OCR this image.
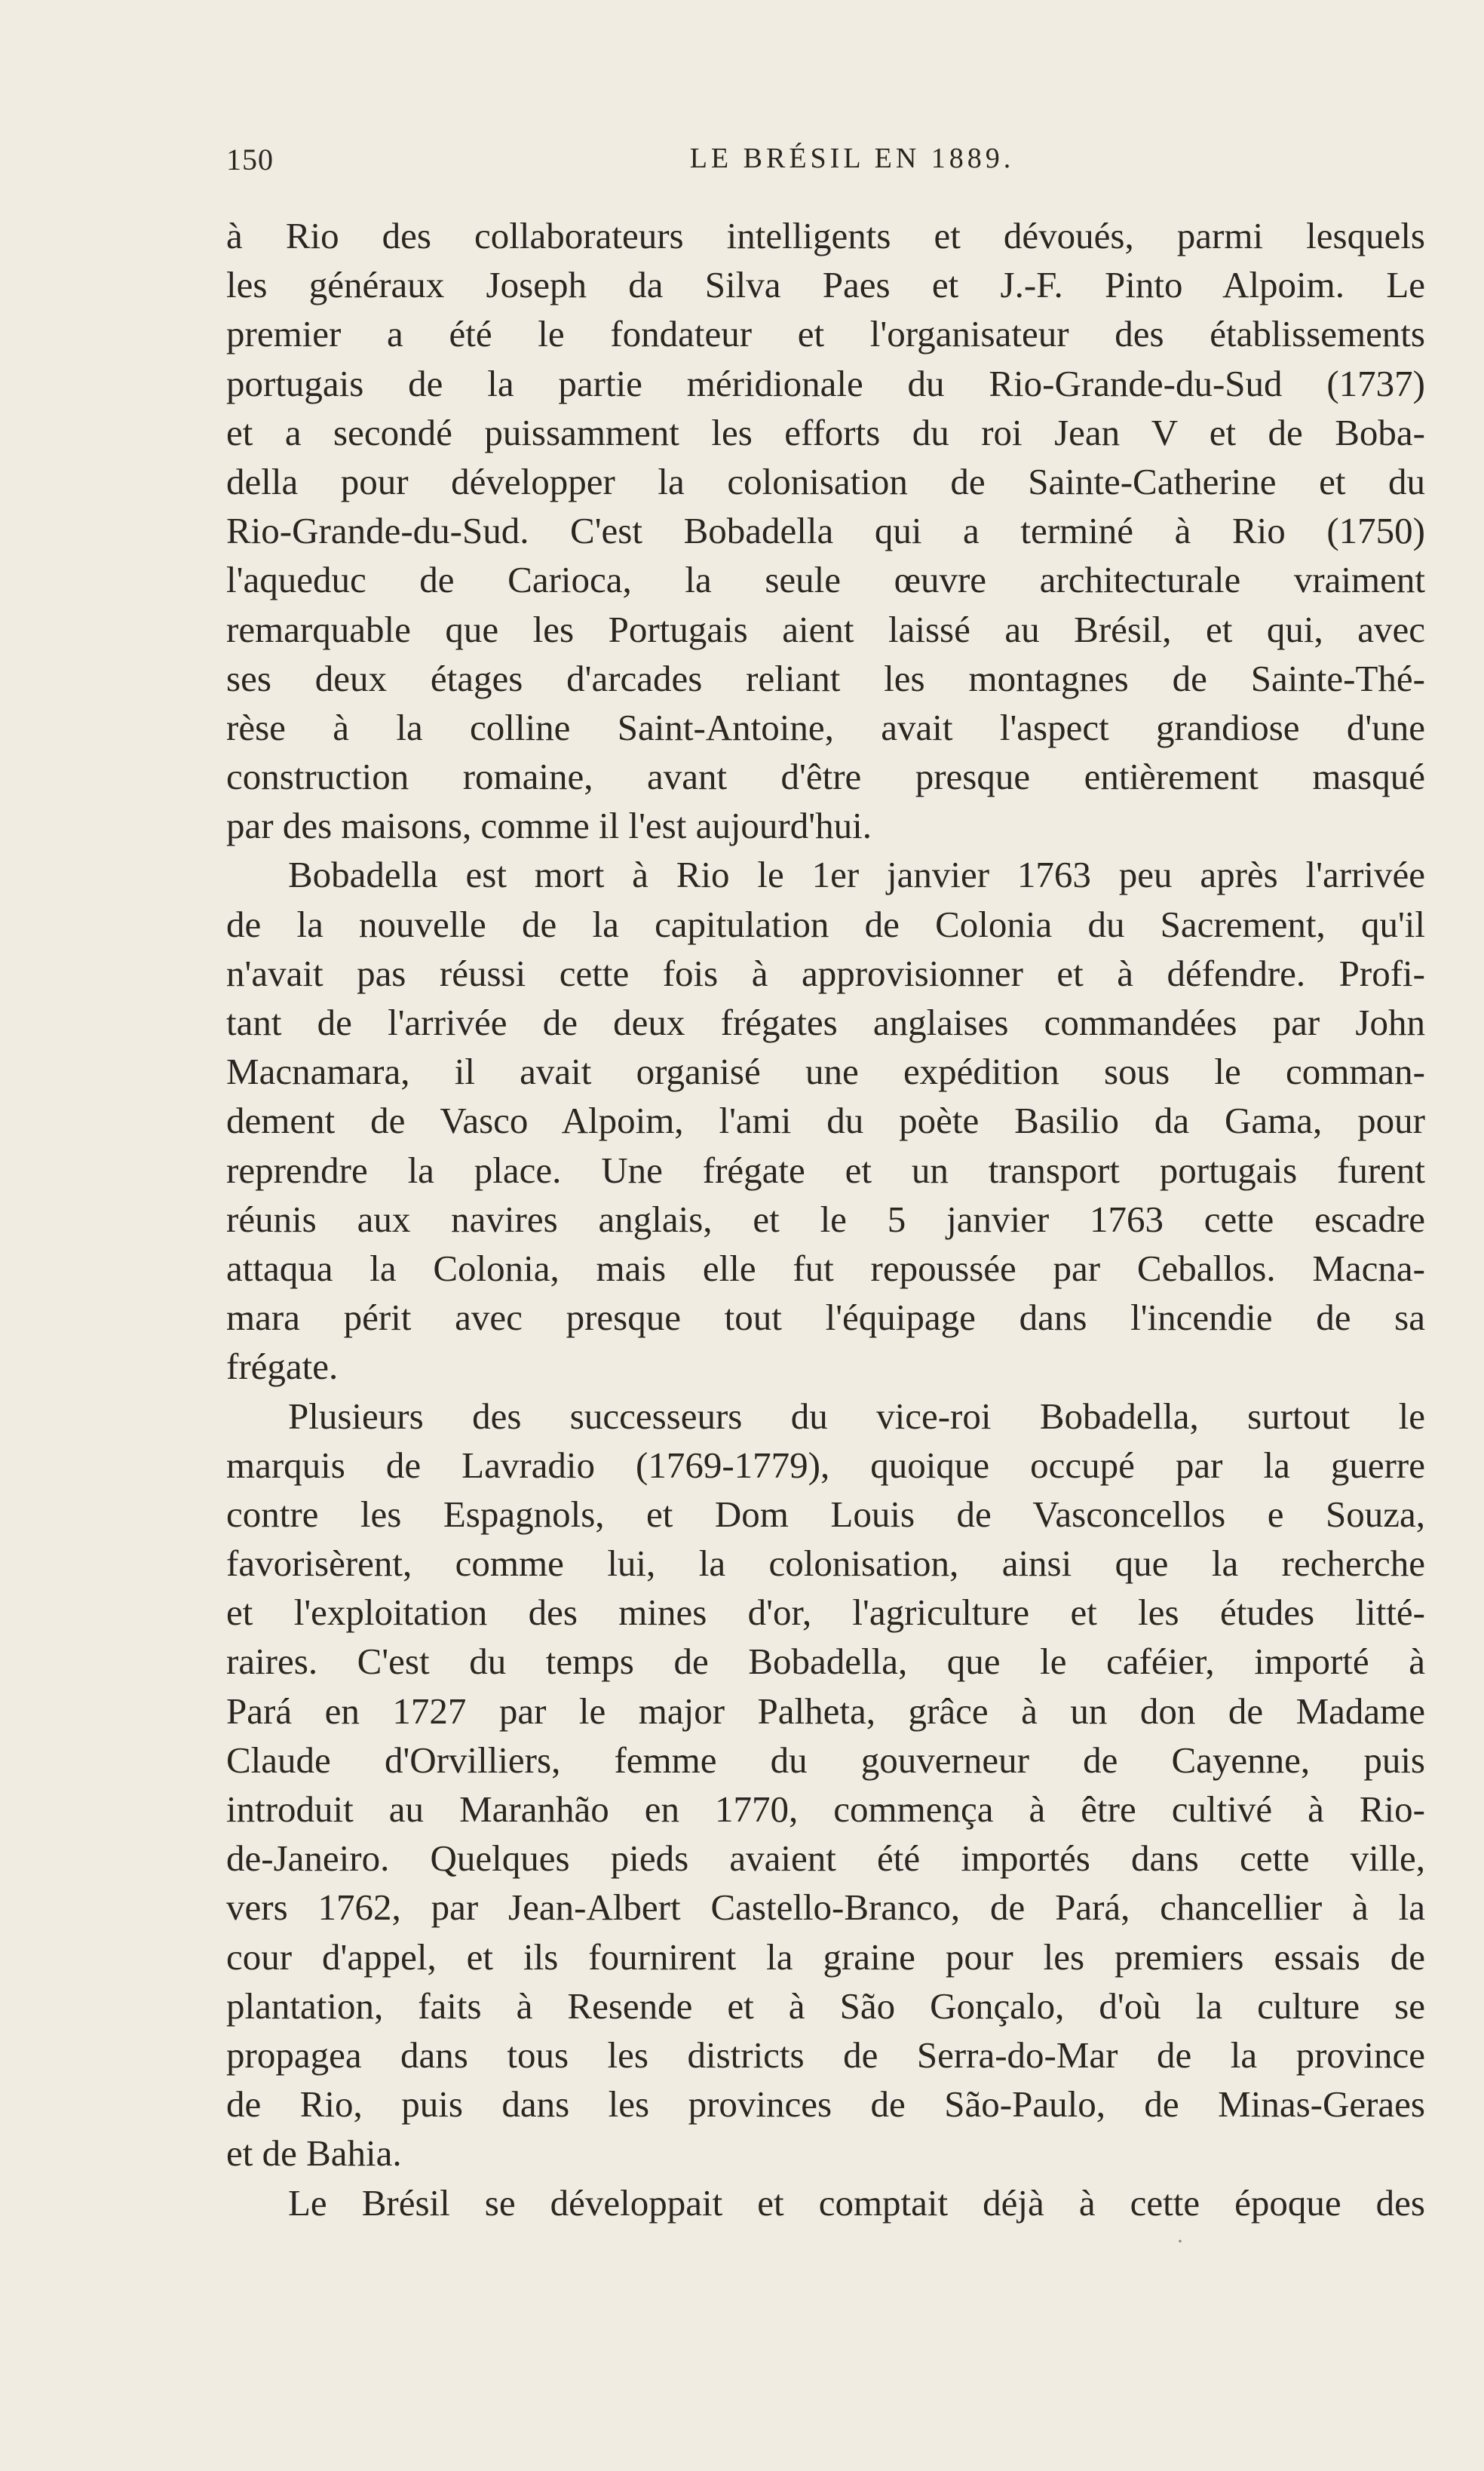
150	LE BRÉSIL EN 1889.
à Rio des collaborateurs intelligents et dévoués, parmi lesquels
les généraux Joseph da Silva Paes et J.-F. Pinto Alpoim. Le
premier a été le fondateur et l'organisateur des établissements
portugais de la partie méridionale du Rio-Grande-du-Sud (1737)
et a secondé puissamment les efforts du roi Jean V et de Boba-
della pour développer la colonisation de Sainte-Catherine et du
Rio-Grande-du-Sud. C'est Bobadella qui a terminé à Rio (1750)
l'aqueduc de Carioca, la seule œuvre architecturale vraiment
remarquable que les Portugais aient laissé au Brésil, et qui, avec
ses deux étages d'arcades reliant les montagnes de Sainte-Thé-
rèse à la colline Saint-Antoine, avait l'aspect grandiose d'une
construction romaine, avant d'être presque entièrement masqué
par des maisons, comme il l'est aujourd'hui.
Bobadella est mort à Rio le 1er janvier 1763 peu après l'arrivée
de la nouvelle de la capitulation de Colonia du Sacrement, qu'il
n'avait pas réussi cette fois à approvisionner et à défendre. Profi-
tant de l'arrivée de deux frégates anglaises commandées par John
Macnamara, il avait organisé une expédition sous le comman-
dement de Vasco Alpoim, l'ami du poète Basilio da Gama, pour
reprendre la place. Une frégate et un transport portugais furent
réunis aux navires anglais, et le 5 janvier 1763 cette escadre
attaqua la Colonia, mais elle fut repoussée par Ceballos. Macna-
mara périt avec presque tout l'équipage dans l'incendie de sa
frégate.
Plusieurs des successeurs du vice-roi Bobadella, surtout le
marquis de Lavradio (1769-1779), quoique occupé par la guerre
contre les Espagnols, et Dom Louis de Vasconcellos e Souza,
favorisèrent, comme lui, la colonisation, ainsi que la recherche
et l'exploitation des mines d'or, l'agriculture et les études litté-
raires. C'est du temps de Bobadella, que le caféier, importé à
Pará en 1727 par le major Palheta, grâce à un don de Madame
Claude d'Orvilliers, femme du gouverneur de Cayenne, puis
introduit au Maranhão en 1770, commença à être cultivé à Rio-
de-Janeiro. Quelques pieds avaient été importés dans cette ville,
vers 1762, par Jean-Albert Castello-Branco, de Pará, chancellier à la
cour d'appel, et ils fournirent la graine pour les premiers essais de
plantation, faits à Resende et à São Gonçalo, d'où la culture se
propagea dans tous les districts de Serra-do-Mar de la province
de Rio, puis dans les provinces de São-Paulo, de Minas-Geraes
et de Bahia.
Le Brésil se développait et comptait déjà à cette époque des
·
